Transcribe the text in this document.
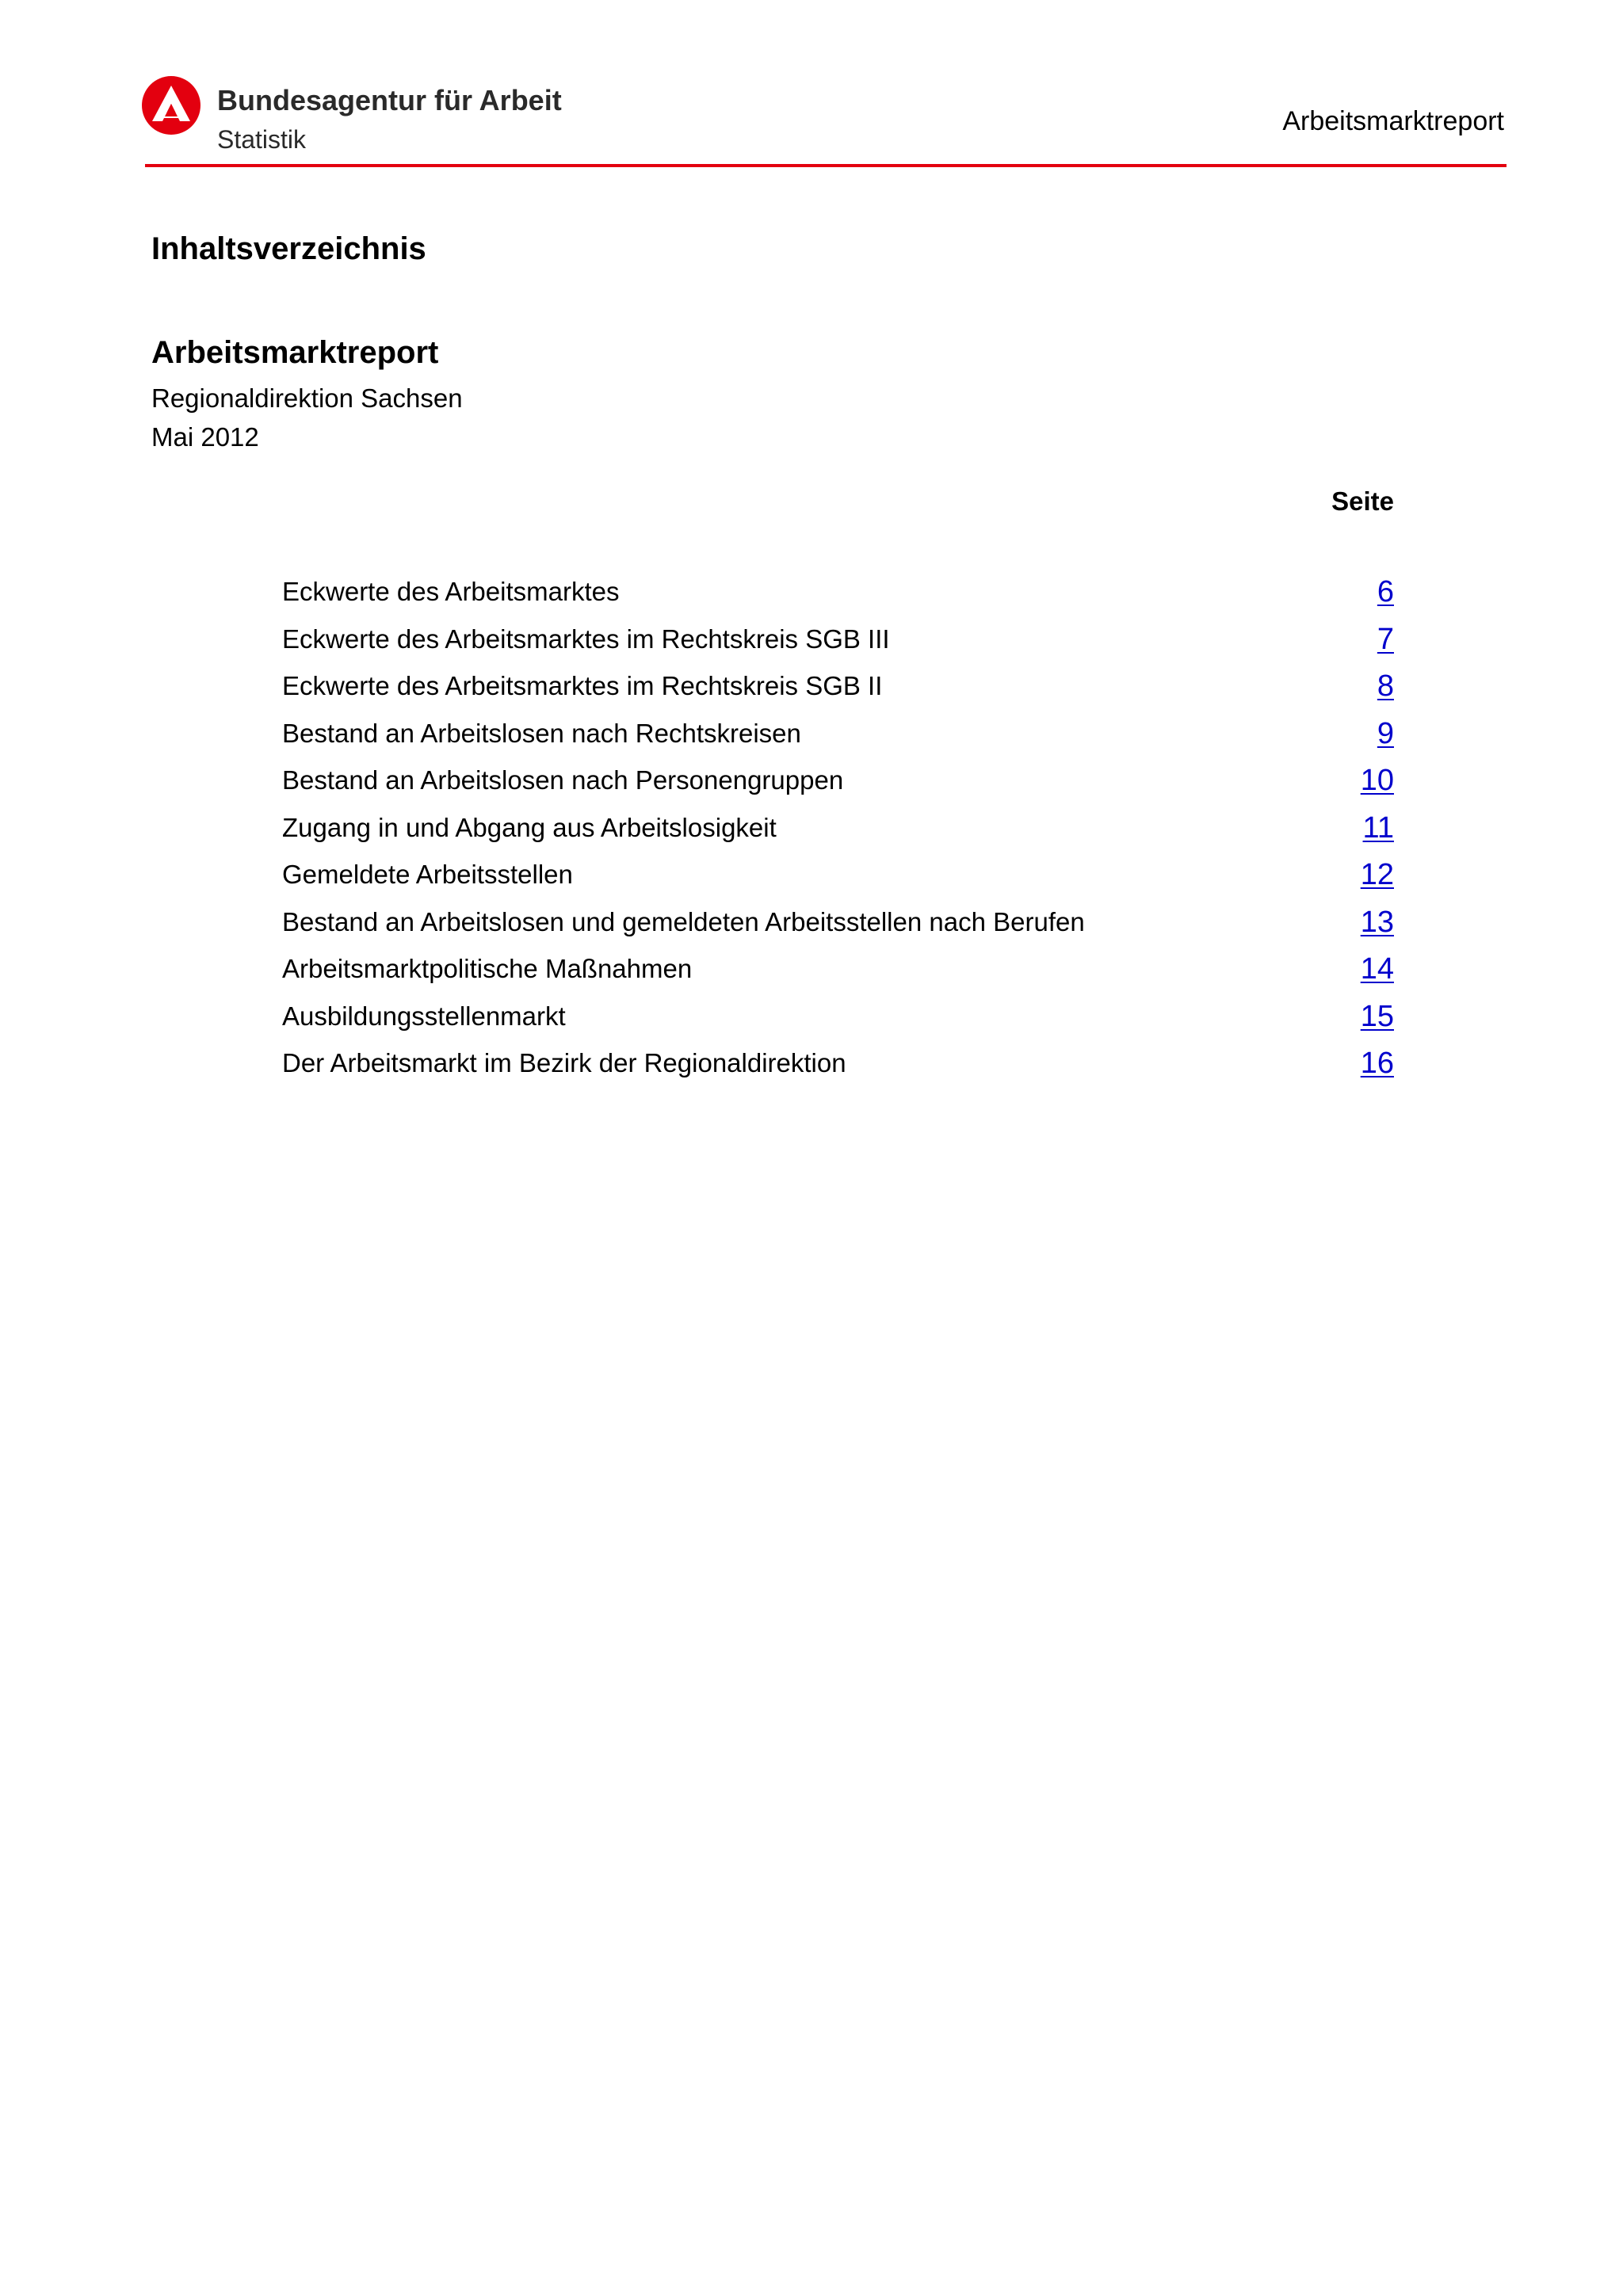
Bundesagentur für Arbeit
Statistik
Arbeitsmarktreport
Inhaltsverzeichnis
Arbeitsmarktreport
Regionaldirektion Sachsen
Mai 2012
Seite
Eckwerte des Arbeitsmarktes	6
Eckwerte des Arbeitsmarktes im Rechtskreis SGB III	7
Eckwerte des Arbeitsmarktes im Rechtskreis SGB II	8
Bestand an Arbeitslosen nach Rechtskreisen	9
Bestand an Arbeitslosen nach Personengruppen	10
Zugang in und Abgang aus Arbeitslosigkeit	11
Gemeldete Arbeitsstellen	12
Bestand an Arbeitslosen und gemeldeten Arbeitsstellen nach Berufen	13
Arbeitsmarktpolitische Maßnahmen	14
Ausbildungsstellenmarkt	15
Der Arbeitsmarkt im Bezirk der Regionaldirektion	16
